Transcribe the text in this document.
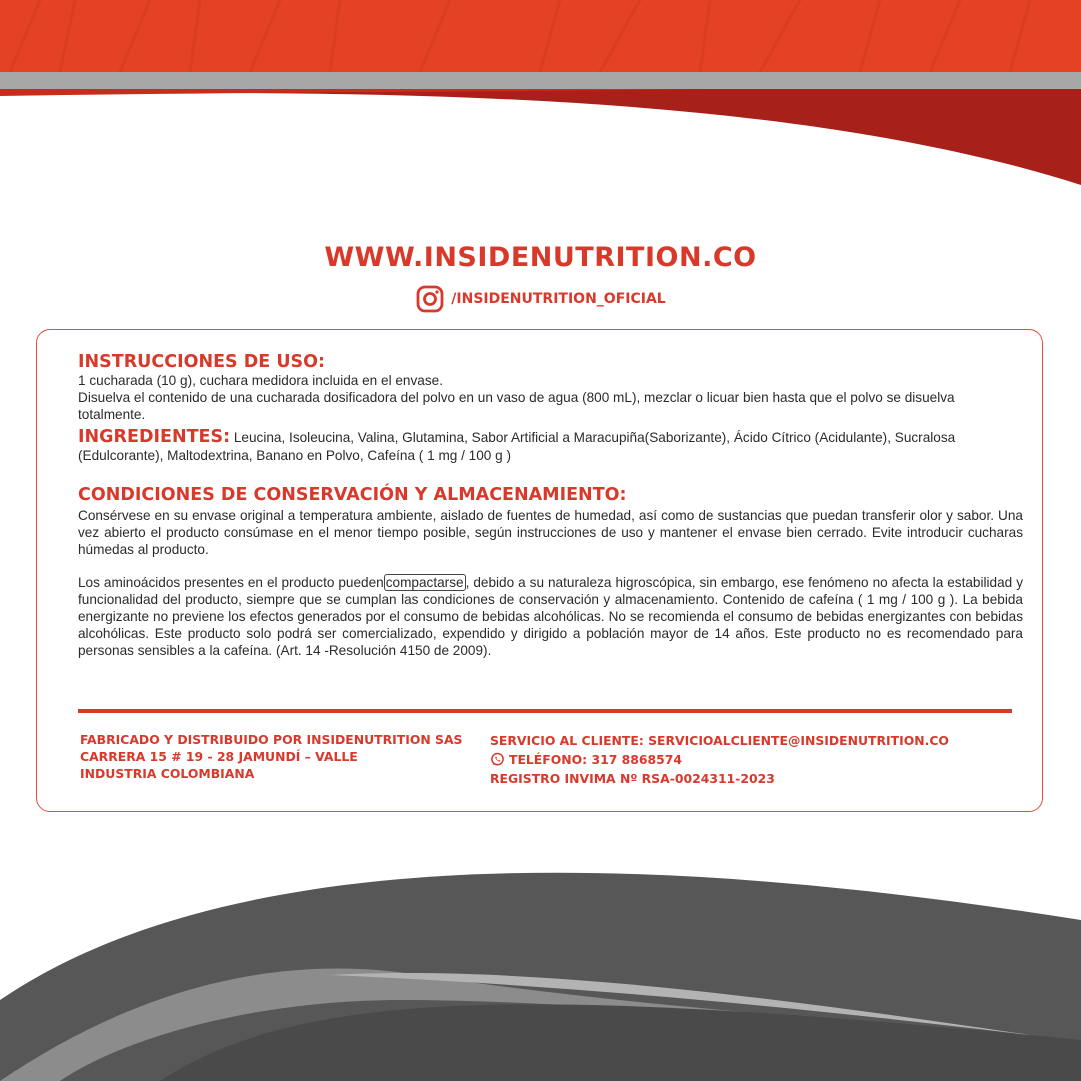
WWW.INSIDENUTRITION.CO
/INSIDENUTRITION_OFICIAL
INSTRUCCIONES DE USO:

1 cucharada (10 g), cuchara medidora incluida en el envase.

Disuelva el contenido de una cucharada dosificadora del polvo en un vaso de agua (800 mL), mezclar o licuar bien hasta que el polvo se disuelva totalmente.

INGREDIENTES: Leucina, Isoleucina, Valina, Glutamina, Sabor Artificial a Maracupiña(Saborizante), Ácido Cítrico (Acidulante), Sucralosa (Edulcorante), Maltodextrina, Banano en Polvo, Cafeína ( 1 mg / 100 g )

CONDICIONES DE CONSERVACIÓN Y ALMACENAMIENTO:

Consérvese en su envase original a temperatura ambiente, aislado de fuentes de humedad, así como de sustancias que puedan transferir olor y sabor. Una vez abierto el producto consúmase en el menor tiempo posible, según instrucciones de uso y mantener el envase bien cerrado. Evite introducir cucharas húmedas al producto.

Los aminoácidos presentes en el producto pueden compactarse , debido a su naturaleza higroscópica, sin embargo, ese fenómeno no afecta la estabilidad y funcionalidad del producto, siempre que se cumplan las condiciones de conservación y almacenamiento. Contenido de cafeína ( 1 mg / 100 g ). La bebida energizante no previene los efectos generados por el consumo de bebidas alcohólicas. No se recomienda el consumo de bebidas energizantes con bebidas alcohólicas. Este producto solo podrá ser comercializado, expendido y dirigido a población mayor de 14 años. Este producto no es recomendado para personas sensibles a la cafeína. (Art. 14 -Resolución 4150 de 2009).

FABRICADO Y DISTRIBUIDO POR INSIDENUTRITION SAS
CARRERA 15 # 19 - 28 JAMUNDÍ – VALLE
INDUSTRIA COLOMBIANA
SERVICIO AL CLIENTE: SERVICIOALCLIENTE@INSIDENUTRITION.CO
TELÉFONO: 317 8868574
REGISTRO INVIMA Nº RSA-0024311-2023
